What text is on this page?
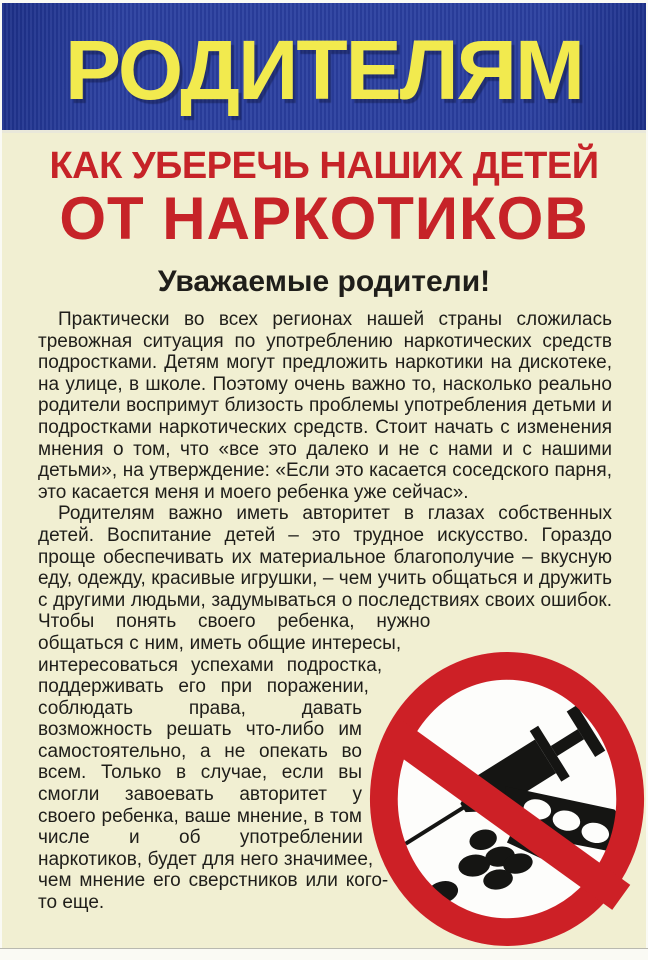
РОДИТЕЛЯМ
КАК УБЕРЕЧЬ НАШИХ ДЕТЕЙ
ОТ НАРКОТИКОВ
Уважаемые родители!

Практически во всех регионах нашей страны сложилась тревожная ситуация по употреблению наркотических средств подростками. Детям могут предложить наркотики на дискотеке, на улице, в школе. Поэтому очень важно то, насколько реально родители воспримут близость проблемы употребления детьми и подростками наркотических средств. Стоит начать с изменения мнения о том, что «все это далеко и не с нами и с нашими детьми», на утверждение: «Если это касается соседского парня, это касается меня и моего ребенка уже сейчас».

Родителям важно иметь авторитет в глазах собственных детей. Воспитание детей – это трудное искусство. Гораздо проще обеспечивать их материальное благополучие – вкусную еду, одежду, красивые игрушки, – чем учить общаться и дружить с другими людьми, задумываться о последствиях своих ошибок. Чтобы понять своего ребенка, нужно общаться с ним, иметь общие интересы, интересоваться успехами подростка, поддерживать его при поражении, соблюдать права, давать возможность решать что-либо им самостоятельно, а не опекать во всем. Только в случае, если вы смогли завоевать авторитет у своего ребенка, ваше мнение, в том числе и об употреблении наркотиков, будет для него значимее, чем мнение его сверстников или кого-то еще.
